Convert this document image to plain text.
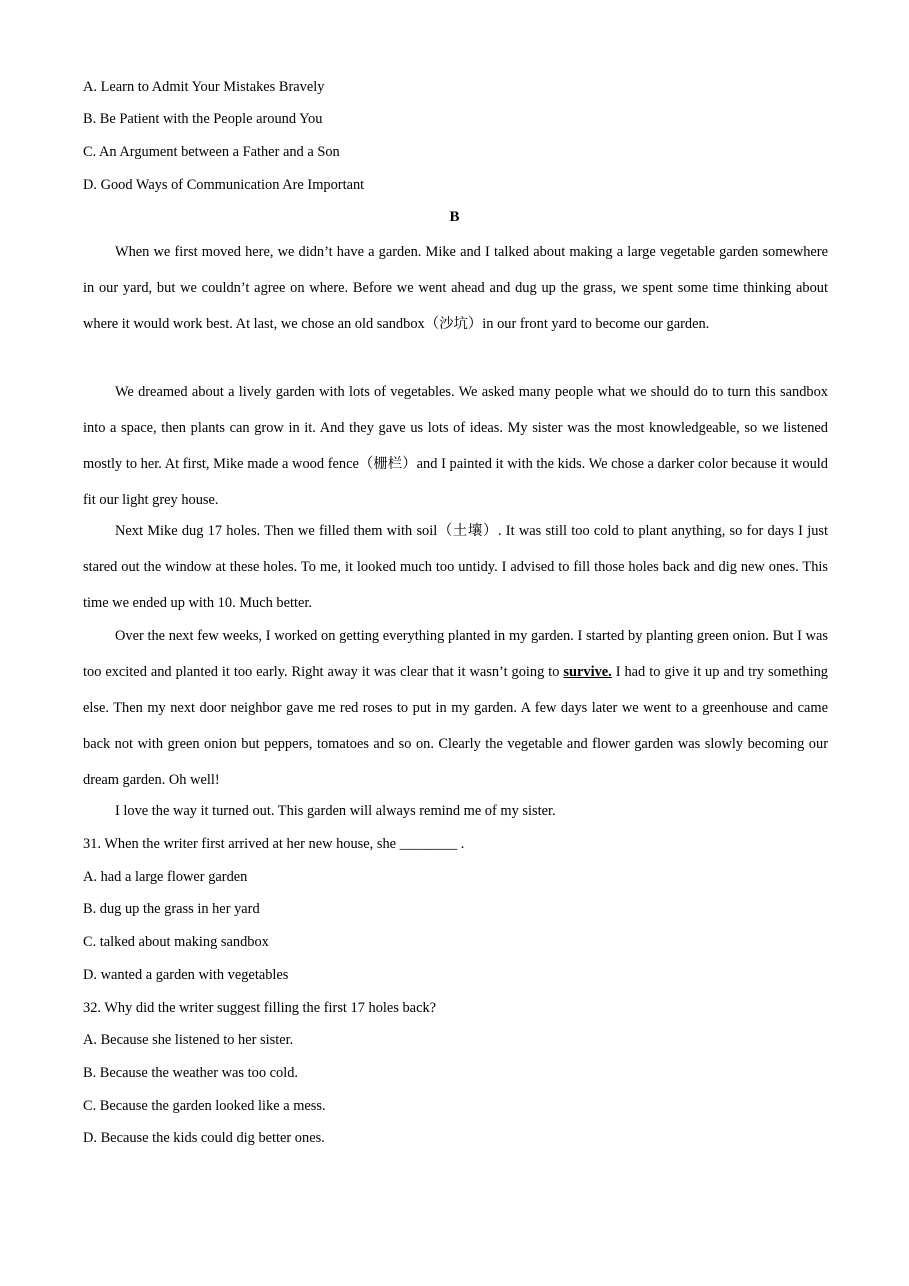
A. Learn to Admit Your Mistakes Bravely
B. Be Patient with the People around You
C. An Argument between a Father and a Son
D. Good Ways of Communication Are Important
B
When we first moved here, we didn’t have a garden. Mike and I talked about making a large vegetable garden somewhere in our yard, but we couldn’t agree on where. Before we went ahead and dug up the grass, we spent some time thinking about where it would work best. At last, we chose an old sandbox（沙坑）in our front yard to become our garden.
We dreamed about a lively garden with lots of vegetables. We asked many people what we should do to turn this sandbox into a space, then plants can grow in it. And they gave us lots of ideas. My sister was the most knowledgeable, so we listened mostly to her. At first, Mike made a wood fence（栅栏）and I painted it with the kids. We chose a darker color because it would fit our light grey house.
Next Mike dug 17 holes. Then we filled them with soil（土壤）. It was still too cold to plant anything, so for days I just stared out the window at these holes. To me, it looked much too untidy. I advised to fill those holes back and dig new ones. This time we ended up with 10. Much better.
Over the next few weeks, I worked on getting everything planted in my garden. I started by planting green onion. But I was too excited and planted it too early. Right away it was clear that it wasn’t going to survive. I had to give it up and try something else. Then my next door neighbor gave me red roses to put in my garden. A few days later we went to a greenhouse and came back not with green onion but peppers, tomatoes and so on. Clearly the vegetable and flower garden was slowly becoming our dream garden. Oh well!
I love the way it turned out. This garden will always remind me of my sister.
31. When the writer first arrived at her new house, she ________ .
A. had a large flower garden
B. dug up the grass in her yard
C. talked about making sandbox
D. wanted a garden with vegetables
32. Why did the writer suggest filling the first 17 holes back?
A. Because she listened to her sister.
B. Because the weather was too cold.
C. Because the garden looked like a mess.
D. Because the kids could dig better ones.
